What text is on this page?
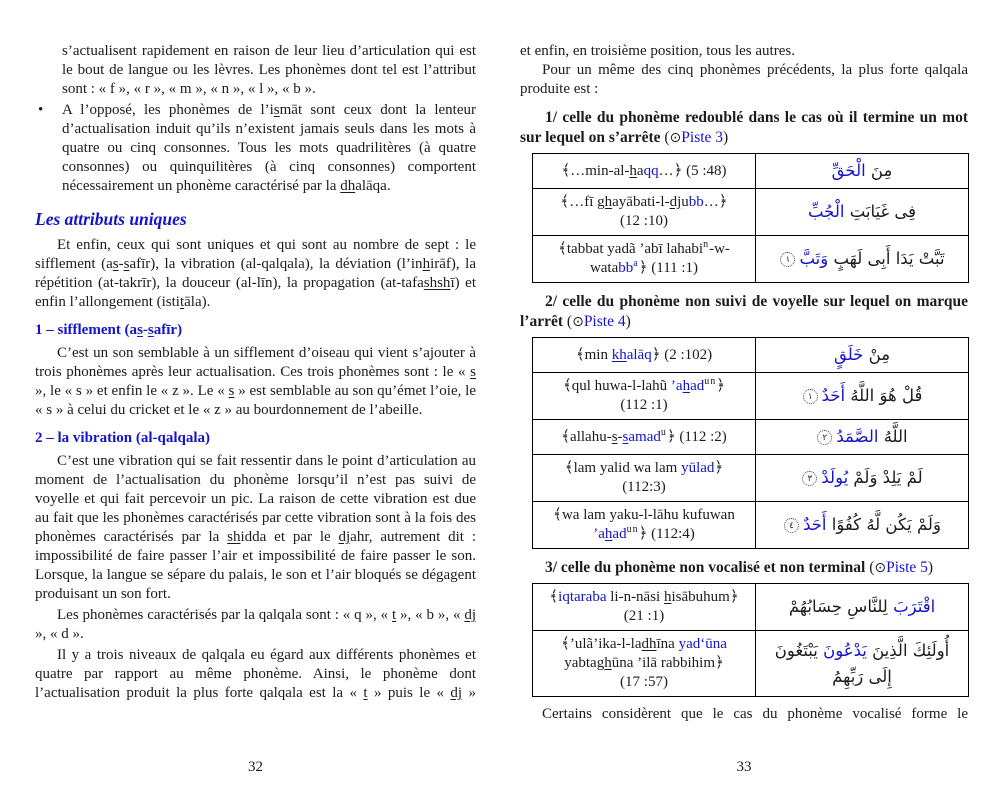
s’actualisent rapidement en raison de leur lieu d’articulation qui est le bout de langue ou les lèvres. Les phonèmes dont tel est l’attribut sont : « f », « r », « m », « n », « l », « b ».

• A l’opposé, les phonèmes de l’ismāt sont ceux dont la lenteur d’actualisation induit qu’ils n’existent jamais seuls dans les mots à quatre ou cinq consonnes. Tous les mots quadrilitères (à quatre consonnes) ou quinquilitères (à cinq consonnes) comportent nécessairement un phonème caractérisé par la dhalāqa.

Les attributs uniques

Et enfin, ceux qui sont uniques et qui sont au nombre de sept : le sifflement (as-safīr), la vibration (al-qalqala), la déviation (l’inhirāf), la répétition (at-takrīr), la douceur (al-līn), la propagation (at-tafashshī) et enfin l’allongement (istitāla).

1 – sifflement (as-safīr)

C’est un son semblable à un sifflement d’oiseau qui vient s’ajouter à trois phonèmes après leur actualisation. Ces trois phonèmes sont : le « s », le « s » et enfin le « z ». Le « s » est semblable au son qu’émet l’oie, le « s » à celui du cricket et le « z » au bourdonnement de l’abeille.

2 – la vibration (al-qalqala)

C’est une vibration qui se fait ressentir dans le point d’articulation au moment de l’actualisation du phonème lorsqu’il n’est pas suivi de voyelle et qui fait percevoir un pic. La raison de cette vibration est due au fait que les phonèmes caractérisés par cette vibration sont à la fois des phonèmes caractérisés par la shidda et par le djahr, autrement dit : impossibilité de faire passer l’air et impossibilité de faire passer le son. Lorsque, la langue se sépare du palais, le son et l’air bloqués se dégagent produisant un son fort.

Les phonèmes caractérisés par la qalqala sont : « q », « t », « b », « dj », « d ».

Il y a trois niveaux de qalqala eu égard aux différents phonèmes et quatre par rapport au même phonème. Ainsi, le phonème dont l’actualisation produit la plus forte qalqala est la « t » puis le « dj »

32

et enfin, en troisième position, tous les autres.

Pour un même des cinq phonèmes précédents, la plus forte qalqala produite est :

1/ celle du phonème redoublé dans le cas où il termine un mot sur lequel on s’arrête (⊙Piste 3)

﴾…min-al-haqq…﴿ (5 :48)	مِنَ الْحَقِّ
﴾…fī ghayābati-l-djubb…﴿
(12 :10)	فِى غَيَابَتِ الْجُبِّ
﴾tabbat yadã ’abī lahabi$^n$-w-
watabb$^a$﴿ (111 :1)	تَبَّتْ يَدَا أَبِى لَهَبٍ وَتَبَّ١

2/ celle du phonème non suivi de voyelle sur lequel on marque l’arrêt (⊙Piste 4)

﴾min khalāq﴿ (2 :102)	مِنْ خَلَقٍ
﴾qul huwa-l-lahũ ’ahad$^{un}$﴿
(112 :1)	قُلْ هُوَ اللَّهُ أَحَدٌ١
﴾allahu-s-samad$^u$﴿ (112 :2)	اللَّهُ الصَّمَدُ٢
﴾lam yalid wa lam yūlad﴿
(112:3)	لَمْ يَلِدْ وَلَمْ يُولَدْ٣
﴾wa lam yaku-l-lāhu kufuwan
’ahad$^{un}$﴿ (112:4)	وَلَمْ يَكُن لَّهُ كُفُوًا أَحَدٌ٤

3/ celle du phonème non vocalisé et non terminal (⊙Piste 5)

﴾iqtaraba li-n-nāsi hisābuhum﴿
(21 :1)	اقْتَرَبَ لِلنَّاسِ حِسَابُهُمْ
﴾’ulã’ika-l-ladhīna yad‘ūna
yabtaghūna ’ilā rabbihim﴿
(17 :57)	أُولَئِكَ الَّذِينَ يَدْعُونَ يَبْتَغُونَ
إِلَى رَبِّهِمُ

Certains considèrent que le cas du phonème vocalisé forme le

33
